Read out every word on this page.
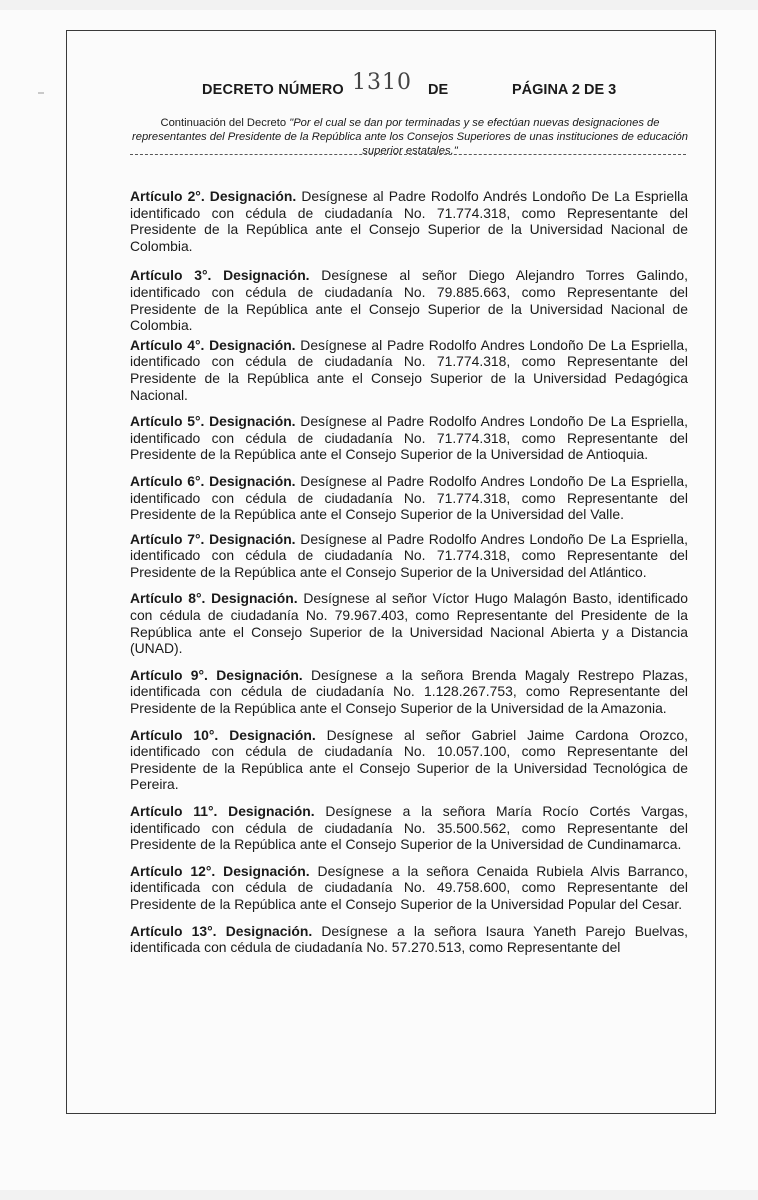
DECRETO NÚMERO 1310 DE	PÁGINA 2 DE 3
Continuación del Decreto "Por el cual se dan por terminadas y se efectúan nuevas designaciones de representantes del Presidente de la República ante los Consejos Superiores de unas instituciones de educación superior estatales."

Artículo 2°. Designación. Desígnese al Padre Rodolfo Andrés Londoño De La Espriella identificado con cédula de ciudadanía No. 71.774.318, como Representante del Presidente de la República ante el Consejo Superior de la Universidad Nacional de Colombia.

Artículo 3°. Designación. Desígnese al señor Diego Alejandro Torres Galindo, identificado con cédula de ciudadanía No. 79.885.663, como Representante del Presidente de la República ante el Consejo Superior de la Universidad Nacional de Colombia.

Artículo 4°. Designación. Desígnese al Padre Rodolfo Andres Londoño De La Espriella, identificado con cédula de ciudadanía No. 71.774.318, como Representante del Presidente de la República ante el Consejo Superior de la Universidad Pedagógica Nacional.

Artículo 5°. Designación. Desígnese al Padre Rodolfo Andres Londoño De La Espriella, identificado con cédula de ciudadanía No. 71.774.318, como Representante del Presidente de la República ante el Consejo Superior de la Universidad de Antioquia.

Artículo 6°. Designación. Desígnese al Padre Rodolfo Andres Londoño De La Espriella, identificado con cédula de ciudadanía No. 71.774.318, como Representante del Presidente de la República ante el Consejo Superior de la Universidad del Valle.

Artículo 7°. Designación. Desígnese al Padre Rodolfo Andres Londoño De La Espriella, identificado con cédula de ciudadanía No. 71.774.318, como Representante del Presidente de la República ante el Consejo Superior de la Universidad del Atlántico.

Artículo 8°. Designación. Desígnese al señor Víctor Hugo Malagón Basto, identificado con cédula de ciudadanía No. 79.967.403, como Representante del Presidente de la República ante el Consejo Superior de la Universidad Nacional Abierta y a Distancia (UNAD).

Artículo 9°. Designación. Desígnese a la señora Brenda Magaly Restrepo Plazas, identificada con cédula de ciudadanía No. 1.128.267.753, como Representante del Presidente de la República ante el Consejo Superior de la Universidad de la Amazonia.

Artículo 10°. Designación. Desígnese al señor Gabriel Jaime Cardona Orozco, identificado con cédula de ciudadanía No. 10.057.100, como Representante del Presidente de la República ante el Consejo Superior de la Universidad Tecnológica de Pereira.

Artículo 11°. Designación. Desígnese a la señora María Rocío Cortés Vargas, identificado con cédula de ciudadanía No. 35.500.562, como Representante del Presidente de la República ante el Consejo Superior de la Universidad de Cundinamarca.

Artículo 12°. Designación. Desígnese a la señora Cenaida Rubiela Alvis Barranco, identificada con cédula de ciudadanía No. 49.758.600, como Representante del Presidente de la República ante el Consejo Superior de la Universidad Popular del Cesar.

Artículo 13°. Designación. Desígnese a la señora Isaura Yaneth Parejo Buelvas, identificada con cédula de ciudadanía No. 57.270.513, como Representante del
